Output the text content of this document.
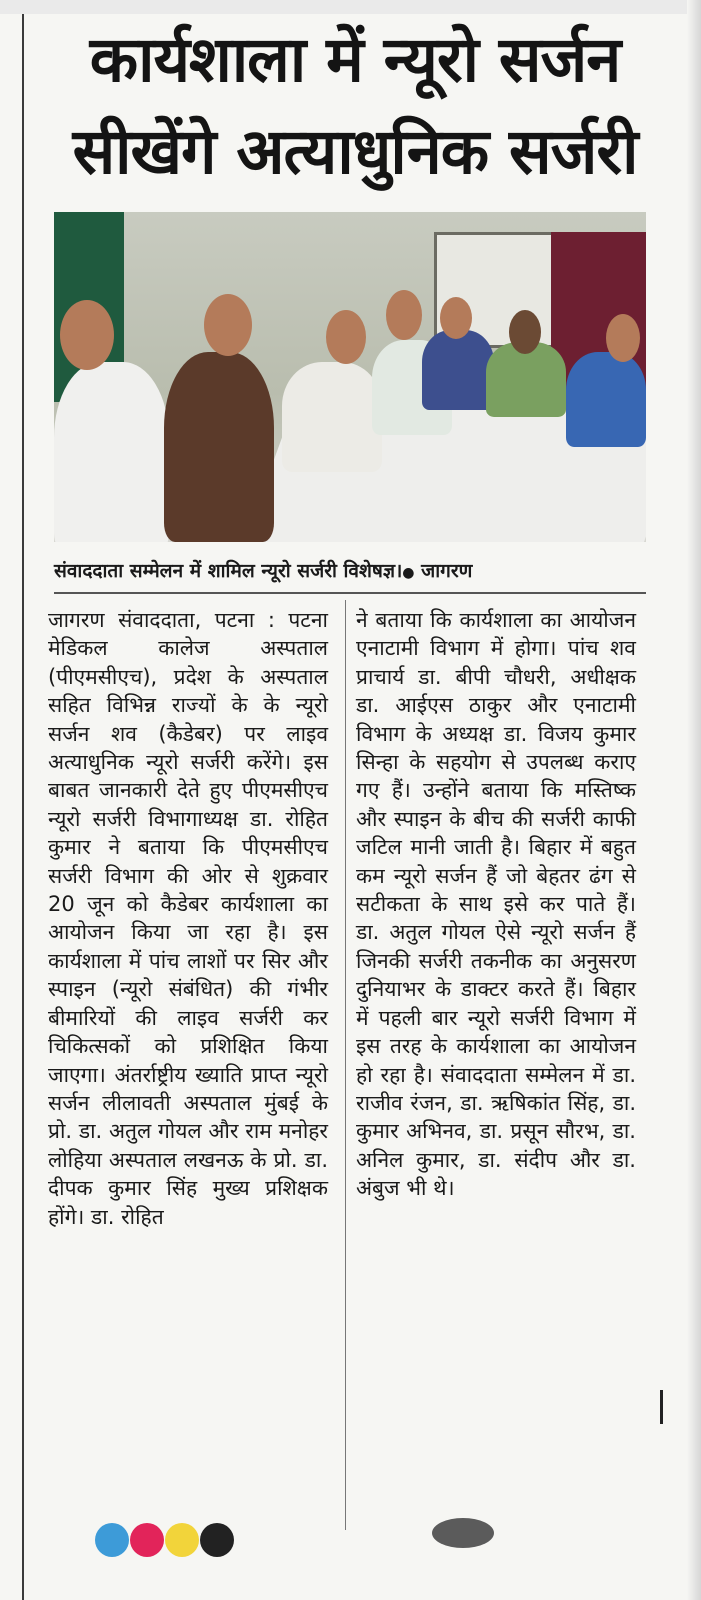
कार्यशाला में न्यूरो सर्जन
सीखेंगे अत्याधुनिक सर्जरी
संवाददाता सम्मेलन में शामिल न्यूरो सर्जरी विशेषज्ञ।● जागरण
जागरण संवाददाता, पटना : पटना मेडिकल कालेज अस्पताल (पीएमसीएच), प्रदेश के अस्पताल सहित विभिन्न राज्यों के के न्यूरो सर्जन शव (कैडेबर) पर लाइव अत्याधुनिक न्यूरो सर्जरी करेंगे। इस बाबत जानकारी देते हुए पीएमसीएच न्यूरो सर्जरी विभागाध्यक्ष डा. रोहित कुमार ने बताया कि पीएमसीएच सर्जरी विभाग की ओर से शुक्रवार 20 जून को कैडेबर कार्यशाला का आयोजन किया जा रहा है। इस कार्यशाला में पांच लाशों पर सिर और स्पाइन (न्यूरो संबंधित) की गंभीर बीमारियों की लाइव सर्जरी कर चिकित्सकों को प्रशिक्षित किया जाएगा। अंतर्राष्ट्रीय ख्याति प्राप्त न्यूरो सर्जन लीलावती अस्पताल मुंबई के प्रो. डा. अतुल गोयल और राम मनोहर लोहिया अस्पताल लखनऊ के प्रो. डा. दीपक कुमार सिंह मुख्य प्रशिक्षक होंगे। डा. रोहित
ने बताया कि कार्यशाला का आयोजन एनाटामी विभाग में होगा। पांच शव प्राचार्य डा. बीपी चौधरी, अधीक्षक डा. आईएस ठाकुर और एनाटामी विभाग के अध्यक्ष डा. विजय कुमार सिन्हा के सहयोग से उपलब्ध कराए गए हैं। उन्होंने बताया कि मस्तिष्क और स्पाइन के बीच की सर्जरी काफी जटिल मानी जाती है। बिहार में बहुत कम न्यूरो सर्जन हैं जो बेहतर ढंग से सटीकता के साथ इसे कर पाते हैं। डा. अतुल गोयल ऐसे न्यूरो सर्जन हैं जिनकी सर्जरी तकनीक का अनुसरण दुनियाभर के डाक्टर करते हैं। बिहार में पहली बार न्यूरो सर्जरी विभाग में इस तरह के कार्यशाला का आयोजन हो रहा है। संवाददाता सम्मेलन में डा. राजीव रंजन, डा. ऋषिकांत सिंह, डा. कुमार अभिनव, डा. प्रसून सौरभ, डा. अनिल कुमार, डा. संदीप और डा. अंबुज भी थे।
